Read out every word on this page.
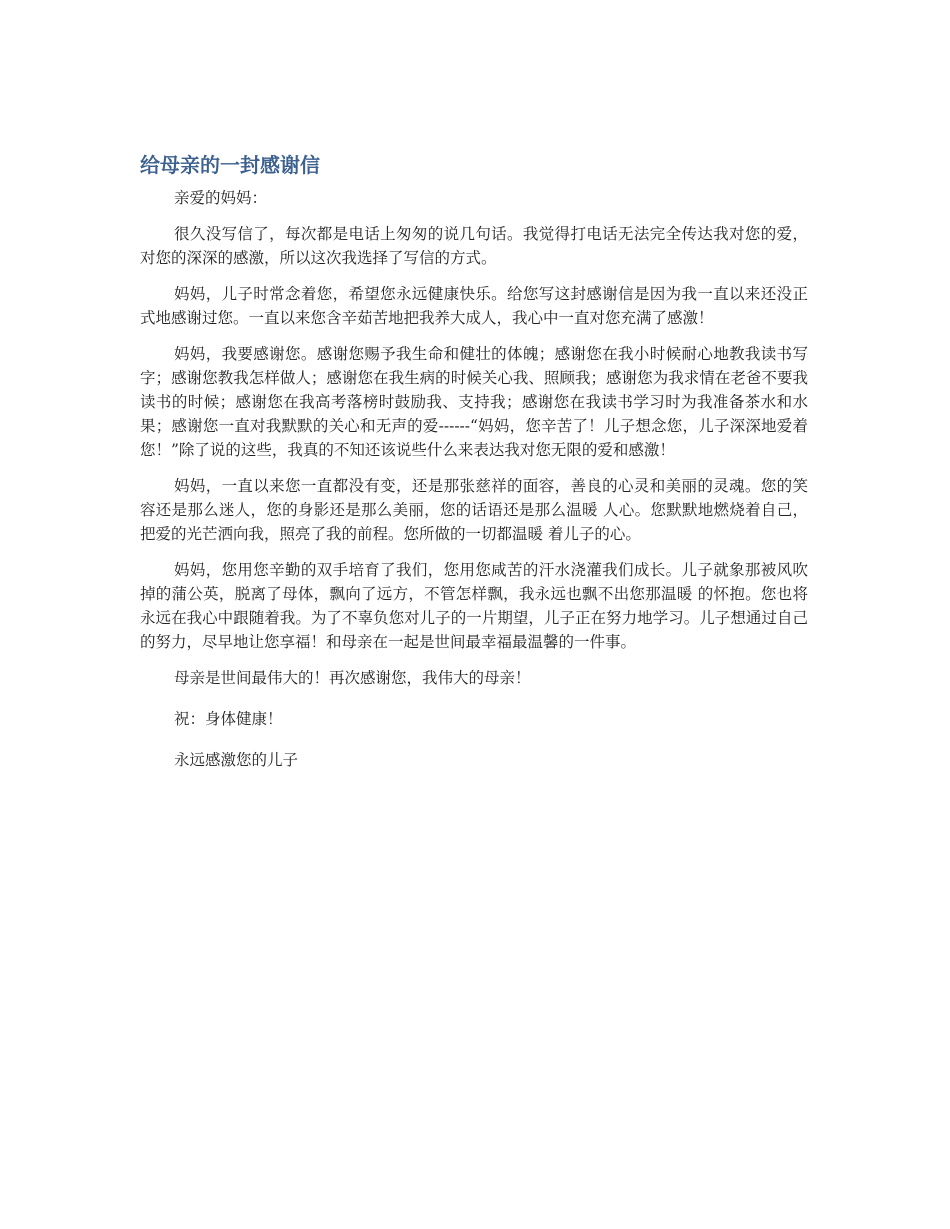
给母亲的一封感谢信

亲爱的妈妈：

很久没写信了，每次都是电话上匆匆的说几句话。我觉得打电话无法完全传达我对您的爱，对您的深深的感激，所以这次我选择了写信的方式。

妈妈，儿子时常念着您，希望您永远健康快乐。给您写这封感谢信是因为我一直以来还没正式地感谢过您。一直以来您含辛茹苦地把我养大成人，我心中一直对您充满了感激！

妈妈，我要感谢您。感谢您赐予我生命和健壮的体魄；感谢您在我小时候耐心地教我读书写字；感谢您教我怎样做人；感谢您在我生病的时候关心我、照顾我；感谢您为我求情在老爸不要我读书的时候；感谢您在我高考落榜时鼓励我、支持我；感谢您在我读书学习时为我准备茶水和水果；感谢您一直对我默默的关心和无声的爱------“妈妈，您辛苦了！儿子想念您，儿子深深地爱着您！”除了说的这些，我真的不知还该说些什么来表达我对您无限的爱和感激！

妈妈，一直以来您一直都没有变，还是那张慈祥的面容，善良的心灵和美丽的灵魂。您的笑容还是那么迷人，您的身影还是那么美丽，您的话语还是那么温暖 人心。您默默地燃烧着自己，把爱的光芒洒向我，照亮了我的前程。您所做的一切都温暖 着儿子的心。

妈妈，您用您辛勤的双手培育了我们，您用您咸苦的汗水浇灌我们成长。儿子就象那被风吹掉的蒲公英，脱离了母体，飘向了远方，不管怎样飘，我永远也飘不出您那温暖 的怀抱。您也将永远在我心中跟随着我。为了不辜负您对儿子的一片期望，儿子正在努力地学习。儿子想通过自己的努力，尽早地让您享福！和母亲在一起是世间最幸福最温馨的一件事。

母亲是世间最伟大的！再次感谢您，我伟大的母亲！

祝：身体健康！

永远感激您的儿子
